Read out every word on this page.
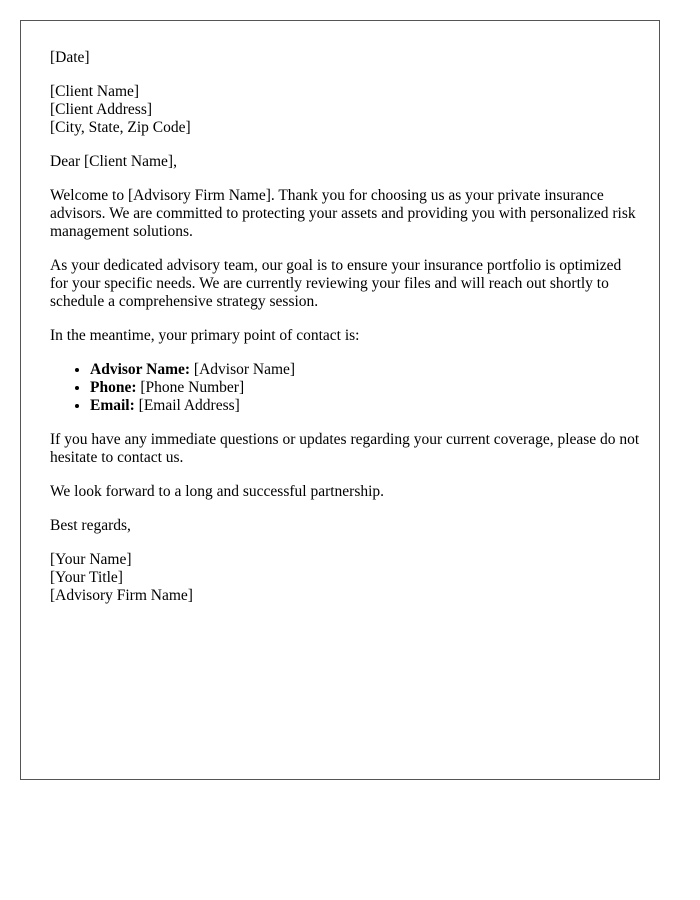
[Date]

[Client Name]
[Client Address]
[City, State, Zip Code]

Dear [Client Name],

Welcome to [Advisory Firm Name]. Thank you for choosing us as your private insurance advisors. We are committed to protecting your assets and providing you with personalized risk management solutions.

As your dedicated advisory team, our goal is to ensure your insurance portfolio is optimized for your specific needs. We are currently reviewing your files and will reach out shortly to schedule a comprehensive strategy session.

In the meantime, your primary point of contact is:

• Advisor Name: [Advisor Name]
• Phone: [Phone Number]
• Email: [Email Address]

If you have any immediate questions or updates regarding your current coverage, please do not hesitate to contact us.

We look forward to a long and successful partnership.

Best regards,

[Your Name]
[Your Title]
[Advisory Firm Name]
